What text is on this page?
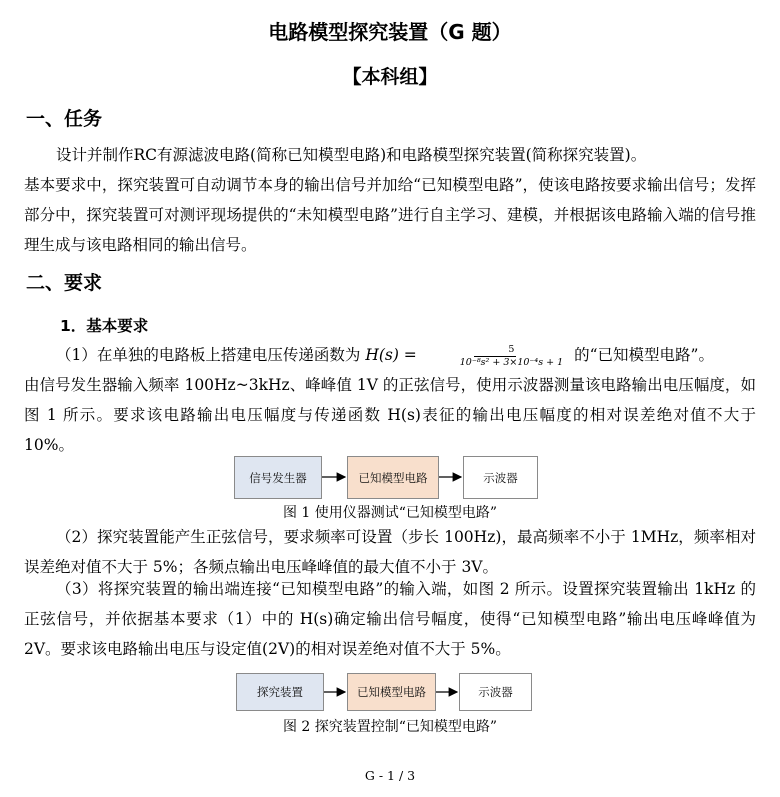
电路模型探究装置（G 题）
【本科组】
一、任务

设计并制作RC有源滤波电路(简称已知模型电路)和电路模型探究装置(简称探究装置)。

基本要求中，探究装置可自动调节本身的输出信号并加给“已知模型电路”，使该电路按要求输出信号；发挥部分中，探究装置可对测评现场提供的“未知模型电路”进行自主学习、建模，并根据该电路输入端的信号推理生成与该电路相同的输出信号。

二、要求
1．基本要求

（1）在单独的电路板上搭建电压传递函数为 $H(s) = \frac{5}{\text{10⁻⁸s² + 3×10⁻⁴s + 1}}$ 的“已知模型电路”。

由信号发生器输入频率 100Hz~3kHz、峰峰值 1V 的正弦信号，使用示波器测量该电路输出电压幅度，如图 1 所示。要求该电路输出电压幅度与传递函数 H(s)表征的输出电压幅度的相对误差绝对值不大于 10%。

信号发生器	已知模型电路	示波器
图 1 使用仪器测试“已知模型电路”

（2）探究装置能产生正弦信号，要求频率可设置（步长 100Hz)，最高频率不小于 1MHz，频率相对误差绝对值不大于 5%；各频点输出电压峰峰值的最大值不小于 3V。

（3）将探究装置的输出端连接“已知模型电路”的输入端，如图 2 所示。设置探究装置输出 1kHz 的正弦信号，并依据基本要求（1）中的 H(s)确定输出信号幅度，使得“已知模型电路”输出电压峰峰值为 2V。要求该电路输出电压与设定值(2V)的相对误差绝对值不大于 5%。

探究装置	已知模型电路	示波器
图 2 探究装置控制“已知模型电路”
G - 1 / 3
